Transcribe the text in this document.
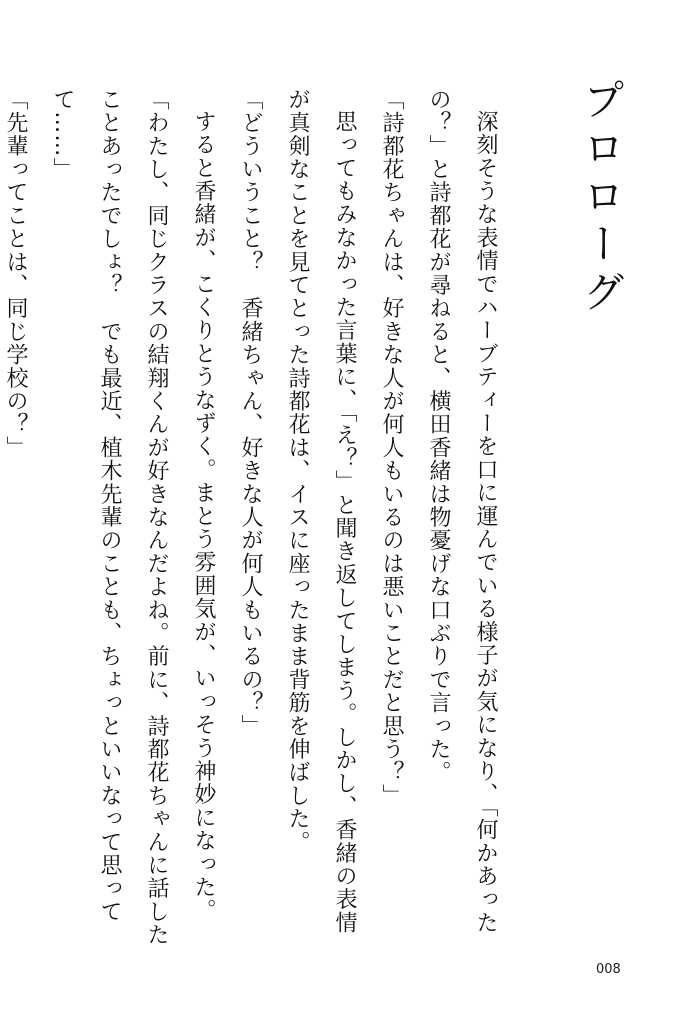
プロローグ

深刻そうな表情でハーブティーを口に運んでいる様子が気になり、「何かあったの？」と詩都花が尋ねると、横田香緒は物憂げな口ぶりで言った。

「詩都花ちゃんは、好きな人が何人もいるのは悪いことだと思う？」

思ってもみなかった言葉に、「え？」と聞き返してしまう。しかし、香緒の表情が真剣なことを見てとった詩都花は、イスに座ったまま背筋を伸ばした。

「どういうこと？　香緒ちゃん、好きな人が何人もいるの？」

すると香緒が、こくりとうなずく。まとう雰囲気が、いっそう神妙になった。

「わたし、同じクラスの結翔くんが好きなんだよね。前に、詩都花ちゃんに話したことあったでしょ？　でも最近、植木先輩のことも、ちょっといいなって思ってて……」

「先輩ってことは、同じ学校の？」

008
